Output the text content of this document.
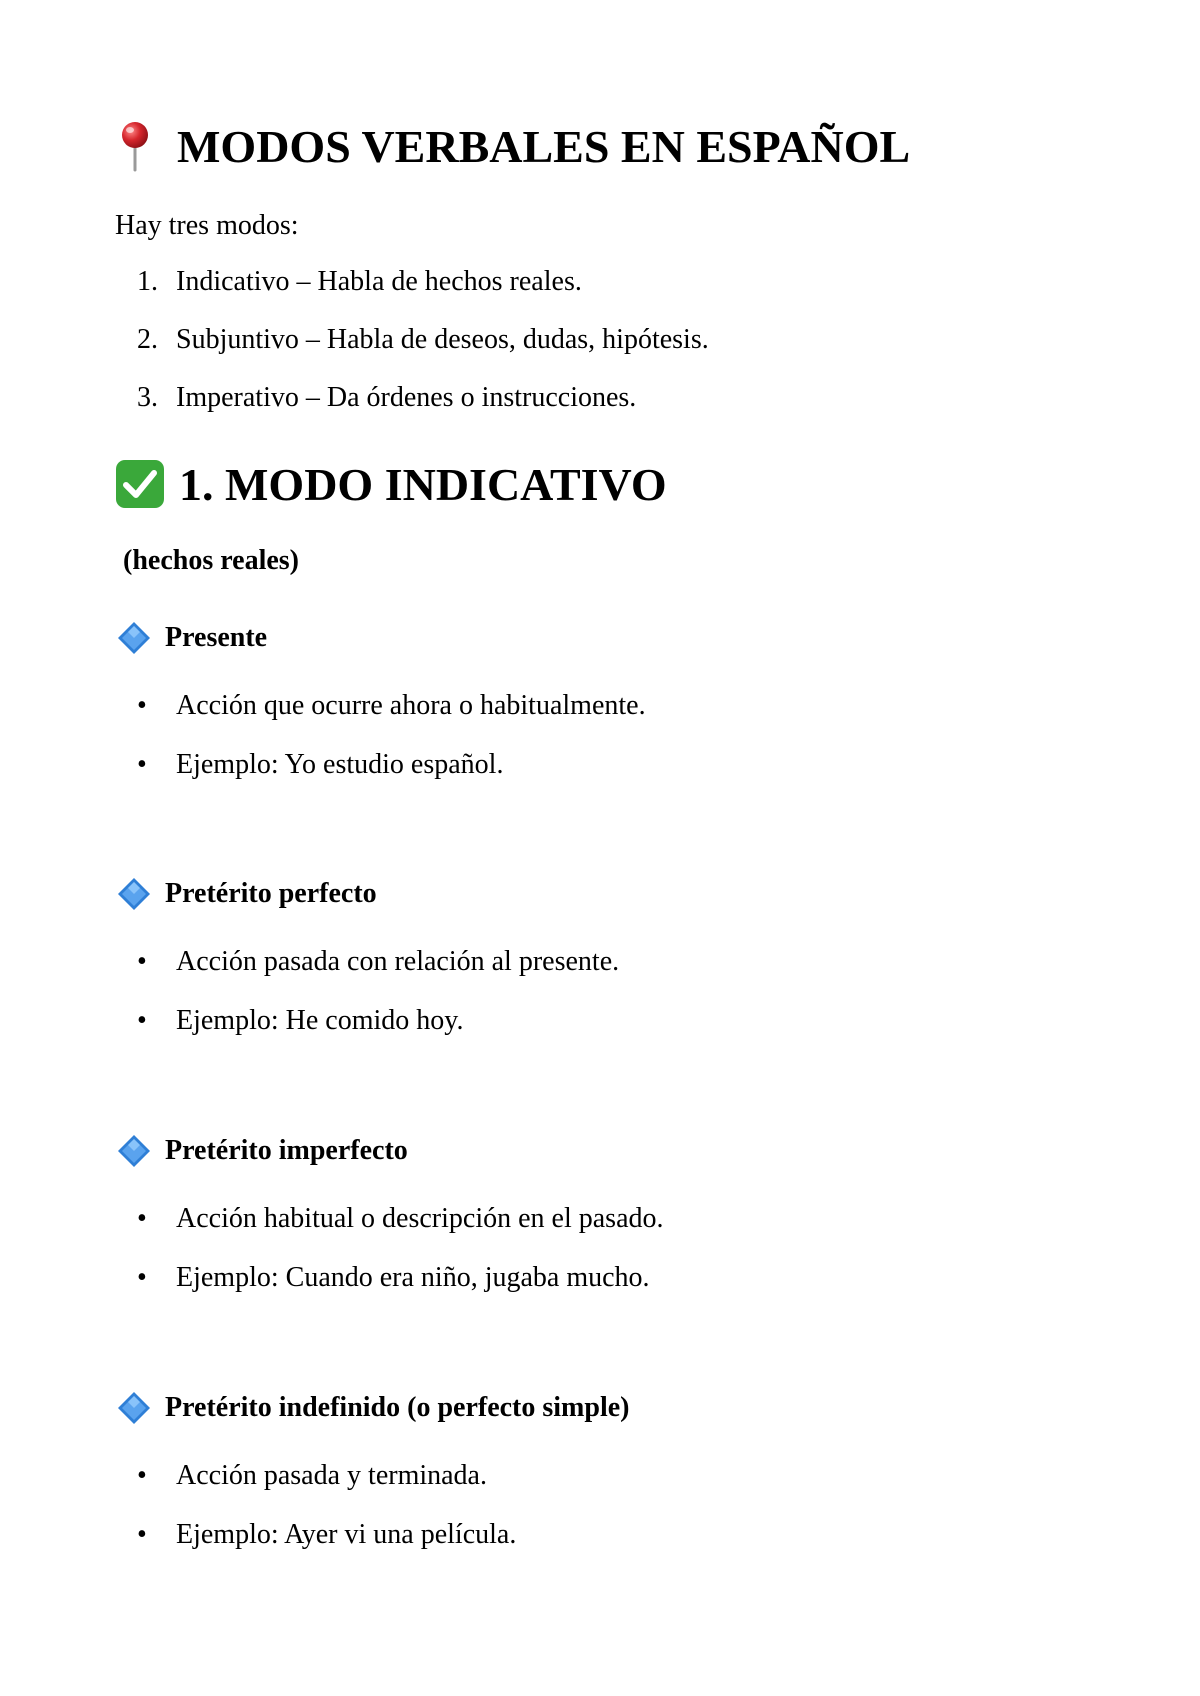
MODOS VERBALES EN ESPAÑOL
Hay tres modos:
1. Indicativo – Habla de hechos reales.
2. Subjuntivo – Habla de deseos, dudas, hipótesis.
3. Imperativo – Da órdenes o instrucciones.
1. MODO INDICATIVO
(hechos reales)
Presente
• Acción que ocurre ahora o habitualmente.
• Ejemplo: Yo estudio español.
Pretérito perfecto
• Acción pasada con relación al presente.
• Ejemplo: He comido hoy.
Pretérito imperfecto
• Acción habitual o descripción en el pasado.
• Ejemplo: Cuando era niño, jugaba mucho.
Pretérito indefinido (o perfecto simple)
• Acción pasada y terminada.
• Ejemplo: Ayer vi una película.
